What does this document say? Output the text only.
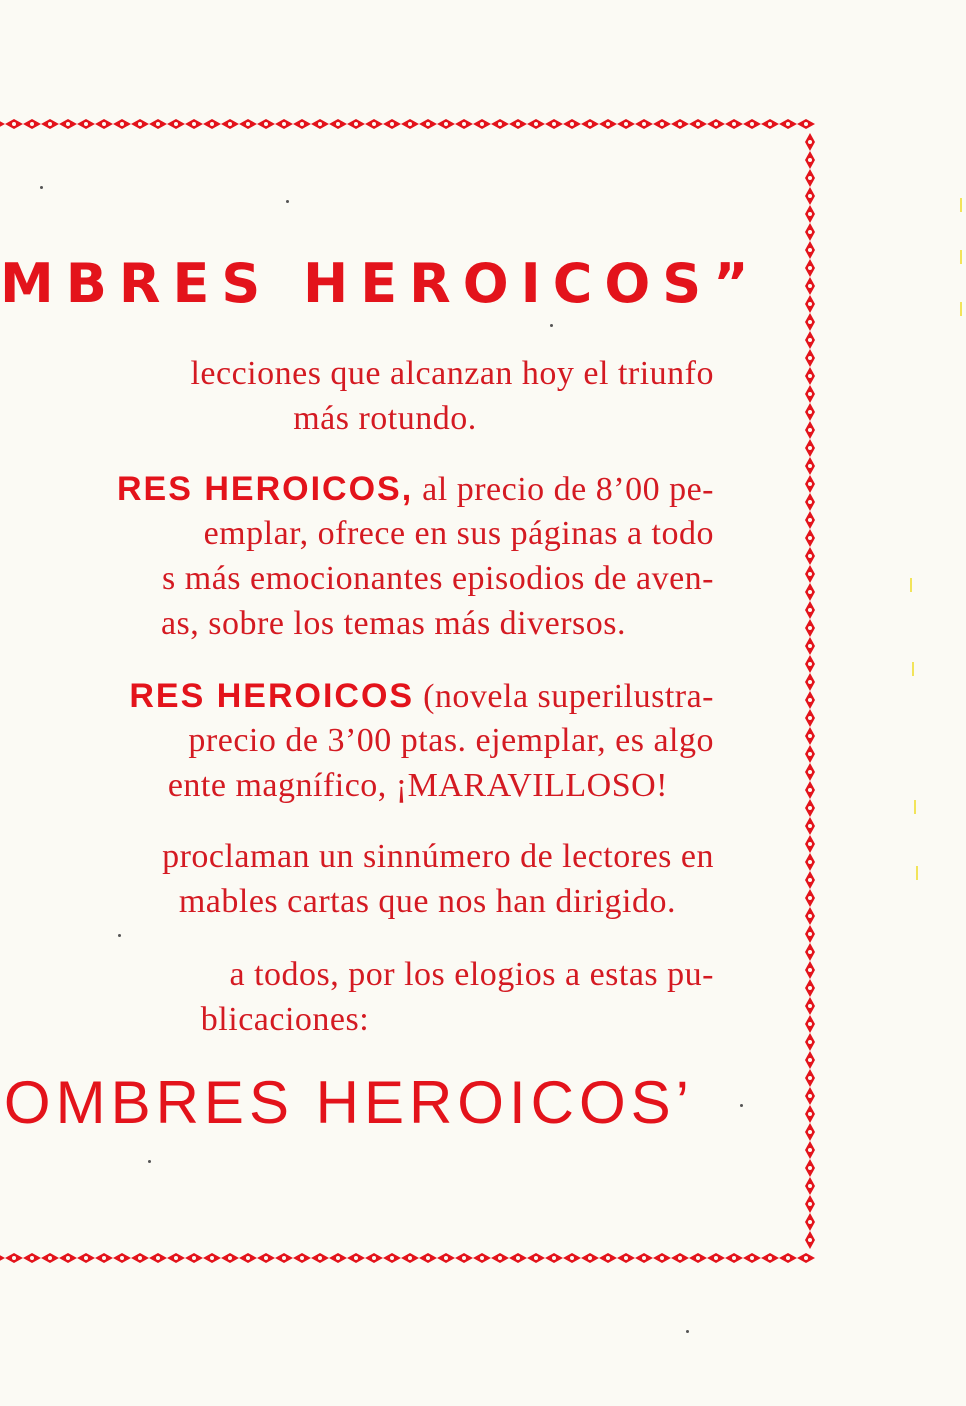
MBRES HEROICOS”
lecciones que alcanzan hoy el triunfo
más rotundo.
RES HEROICOS, al precio de 8’00 pe-
emplar, ofrece en sus páginas a todo
s más emocionantes episodios de aven-
as, sobre los temas más diversos.
RES HEROICOS (novela superilustra-
precio de 3’00 ptas. ejemplar, es algo
ente magnífico, ¡MARAVILLOSO!
proclaman un sinnúmero de lectores en
mables cartas que nos han dirigido.
a todos, por los elogios a estas pu-
blicaciones:
OMBRES HEROICOS’
